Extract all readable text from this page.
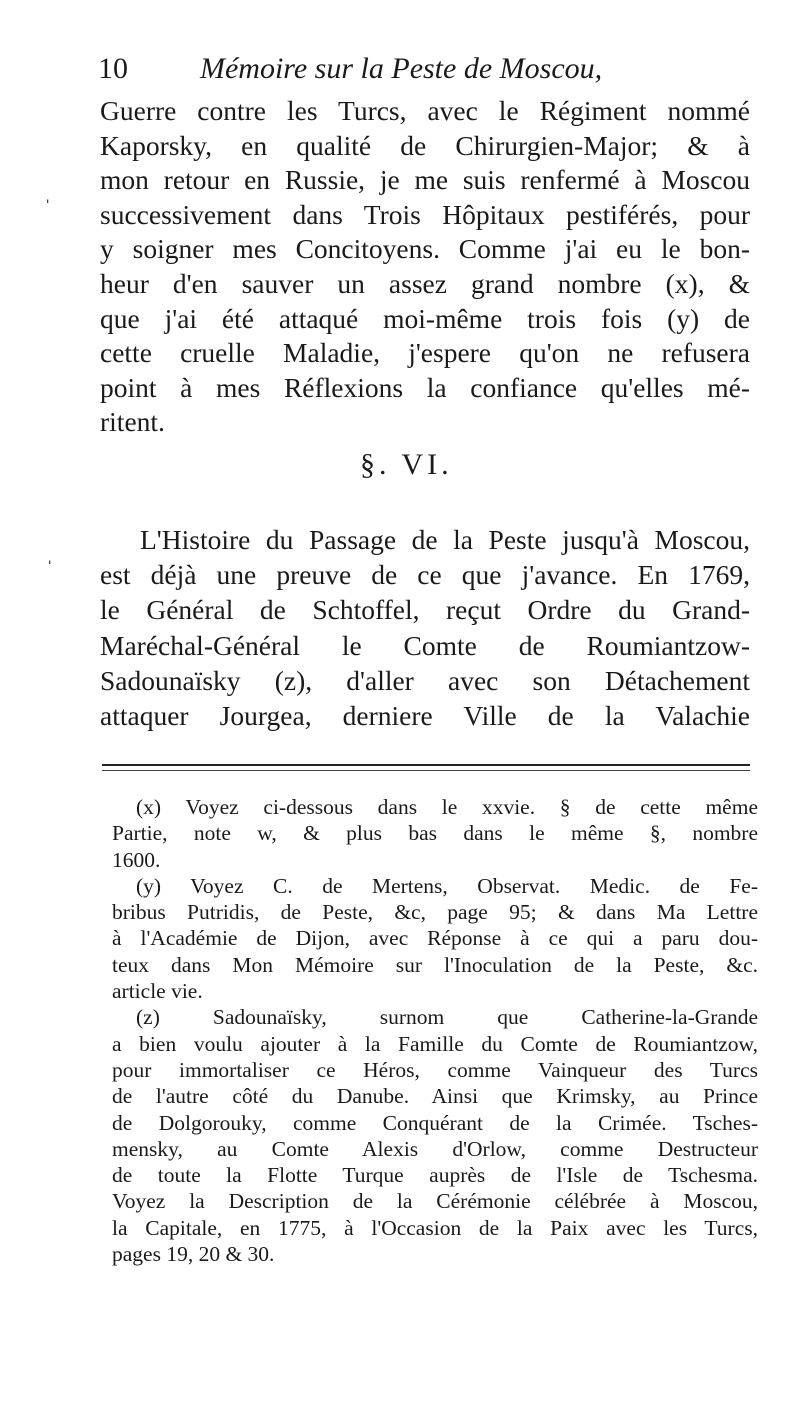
10 Mémoire sur la Peste de Moscou,
Guerre contre les Turcs, avec le Régiment nommé
Kaporsky, en qualité de Chirurgien-Major; & à
mon retour en Russie, je me suis renfermé à Moscou
successivement dans Trois Hôpitaux pestiférés, pour
y soigner mes Concitoyens. Comme j'ai eu le bon-
heur d'en sauver un assez grand nombre (x), &
que j'ai été attaqué moi-même trois fois (y) de
cette cruelle Maladie, j'espere qu'on ne refusera
point à mes Réflexions la confiance qu'elles mé-
ritent.
§. VI.
L'Histoire du Passage de la Peste jusqu'à Moscou,
est déjà une preuve de ce que j'avance. En 1769,
le Général de Schtoffel, reçut Ordre du Grand-
Maréchal-Général le Comte de Roumiantzow-
Sadounaïsky (z), d'aller avec son Détachement
attaquer Jourgea, derniere Ville de la Valachie
(x) Voyez ci-dessous dans le xxvie. § de cette même
Partie, note w, & plus bas dans le même §, nombre
1600.
(y) Voyez C. de Mertens, Observat. Medic. de Fe-
bribus Putridis, de Peste, &c, page 95; & dans Ma Lettre
à l'Académie de Dijon, avec Réponse à ce qui a paru dou-
teux dans Mon Mémoire sur l'Inoculation de la Peste, &c.
article vie.
(z) Sadounaïsky, surnom que Catherine-la-Grande
a bien voulu ajouter à la Famille du Comte de Roumiantzow,
pour immortaliser ce Héros, comme Vainqueur des Turcs
de l'autre côté du Danube. Ainsi que Krimsky, au Prince
de Dolgorouky, comme Conquérant de la Crimée. Tsches-
mensky, au Comte Alexis d'Orlow, comme Destructeur
de toute la Flotte Turque auprès de l'Isle de Tschesma.
Voyez la Description de la Cérémonie célébrée à Moscou,
la Capitale, en 1775, à l'Occasion de la Paix avec les Turcs,
pages 19, 20 & 30.
ˌ
ˈ
